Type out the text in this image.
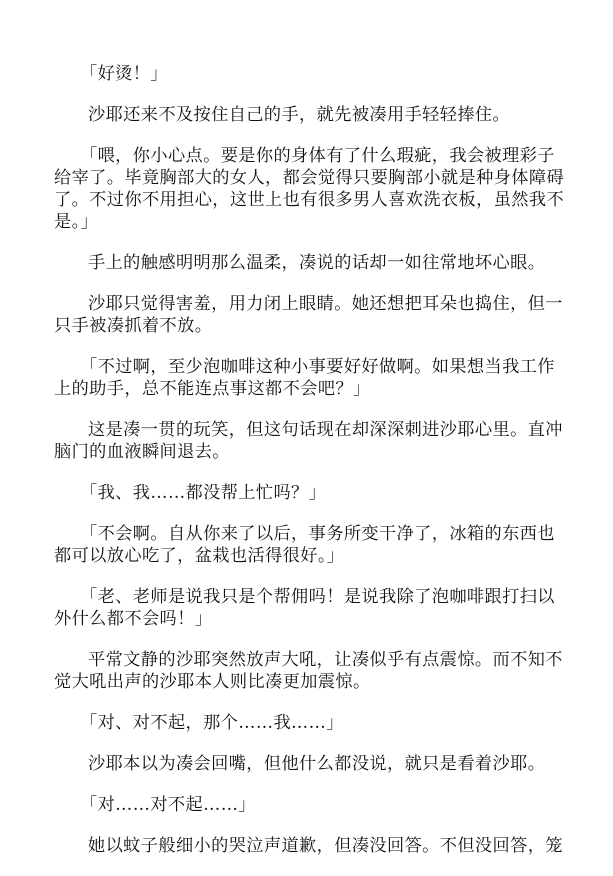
「好烫！」

沙耶还来不及按住自己的手，就先被凑用手轻轻捧住。

「喂，你小心点。要是你的身体有了什么瑕疵，我会被理彩子
给宰了。毕竟胸部大的女人，都会觉得只要胸部小就是种身体障碍
了。不过你不用担心，这世上也有很多男人喜欢洗衣板，虽然我不
是。」

手上的触感明明那么温柔，凑说的话却一如往常地坏心眼。

沙耶只觉得害羞，用力闭上眼睛。她还想把耳朵也捣住，但一
只手被凑抓着不放。

「不过啊，至少泡咖啡这种小事要好好做啊。如果想当我工作
上的助手，总不能连点事这都不会吧？」

这是凑一贯的玩笑，但这句话现在却深深刺进沙耶心里。直冲
脑门的血液瞬间退去。

「我、我……都没帮上忙吗？」

「不会啊。自从你来了以后，事务所变干净了，冰箱的东西也
都可以放心吃了，盆栽也活得很好。」

「老、老师是说我只是个帮佣吗！是说我除了泡咖啡跟打扫以
外什么都不会吗！」

平常文静的沙耶突然放声大吼，让凑似乎有点震惊。而不知不
觉大吼出声的沙耶本人则比凑更加震惊。

「对、对不起，那个……我……」

沙耶本以为凑会回嘴，但他什么都没说，就只是看着沙耶。

「对……对不起……」

她以蚊子般细小的哭泣声道歉，但凑没回答。不但没回答，笼
